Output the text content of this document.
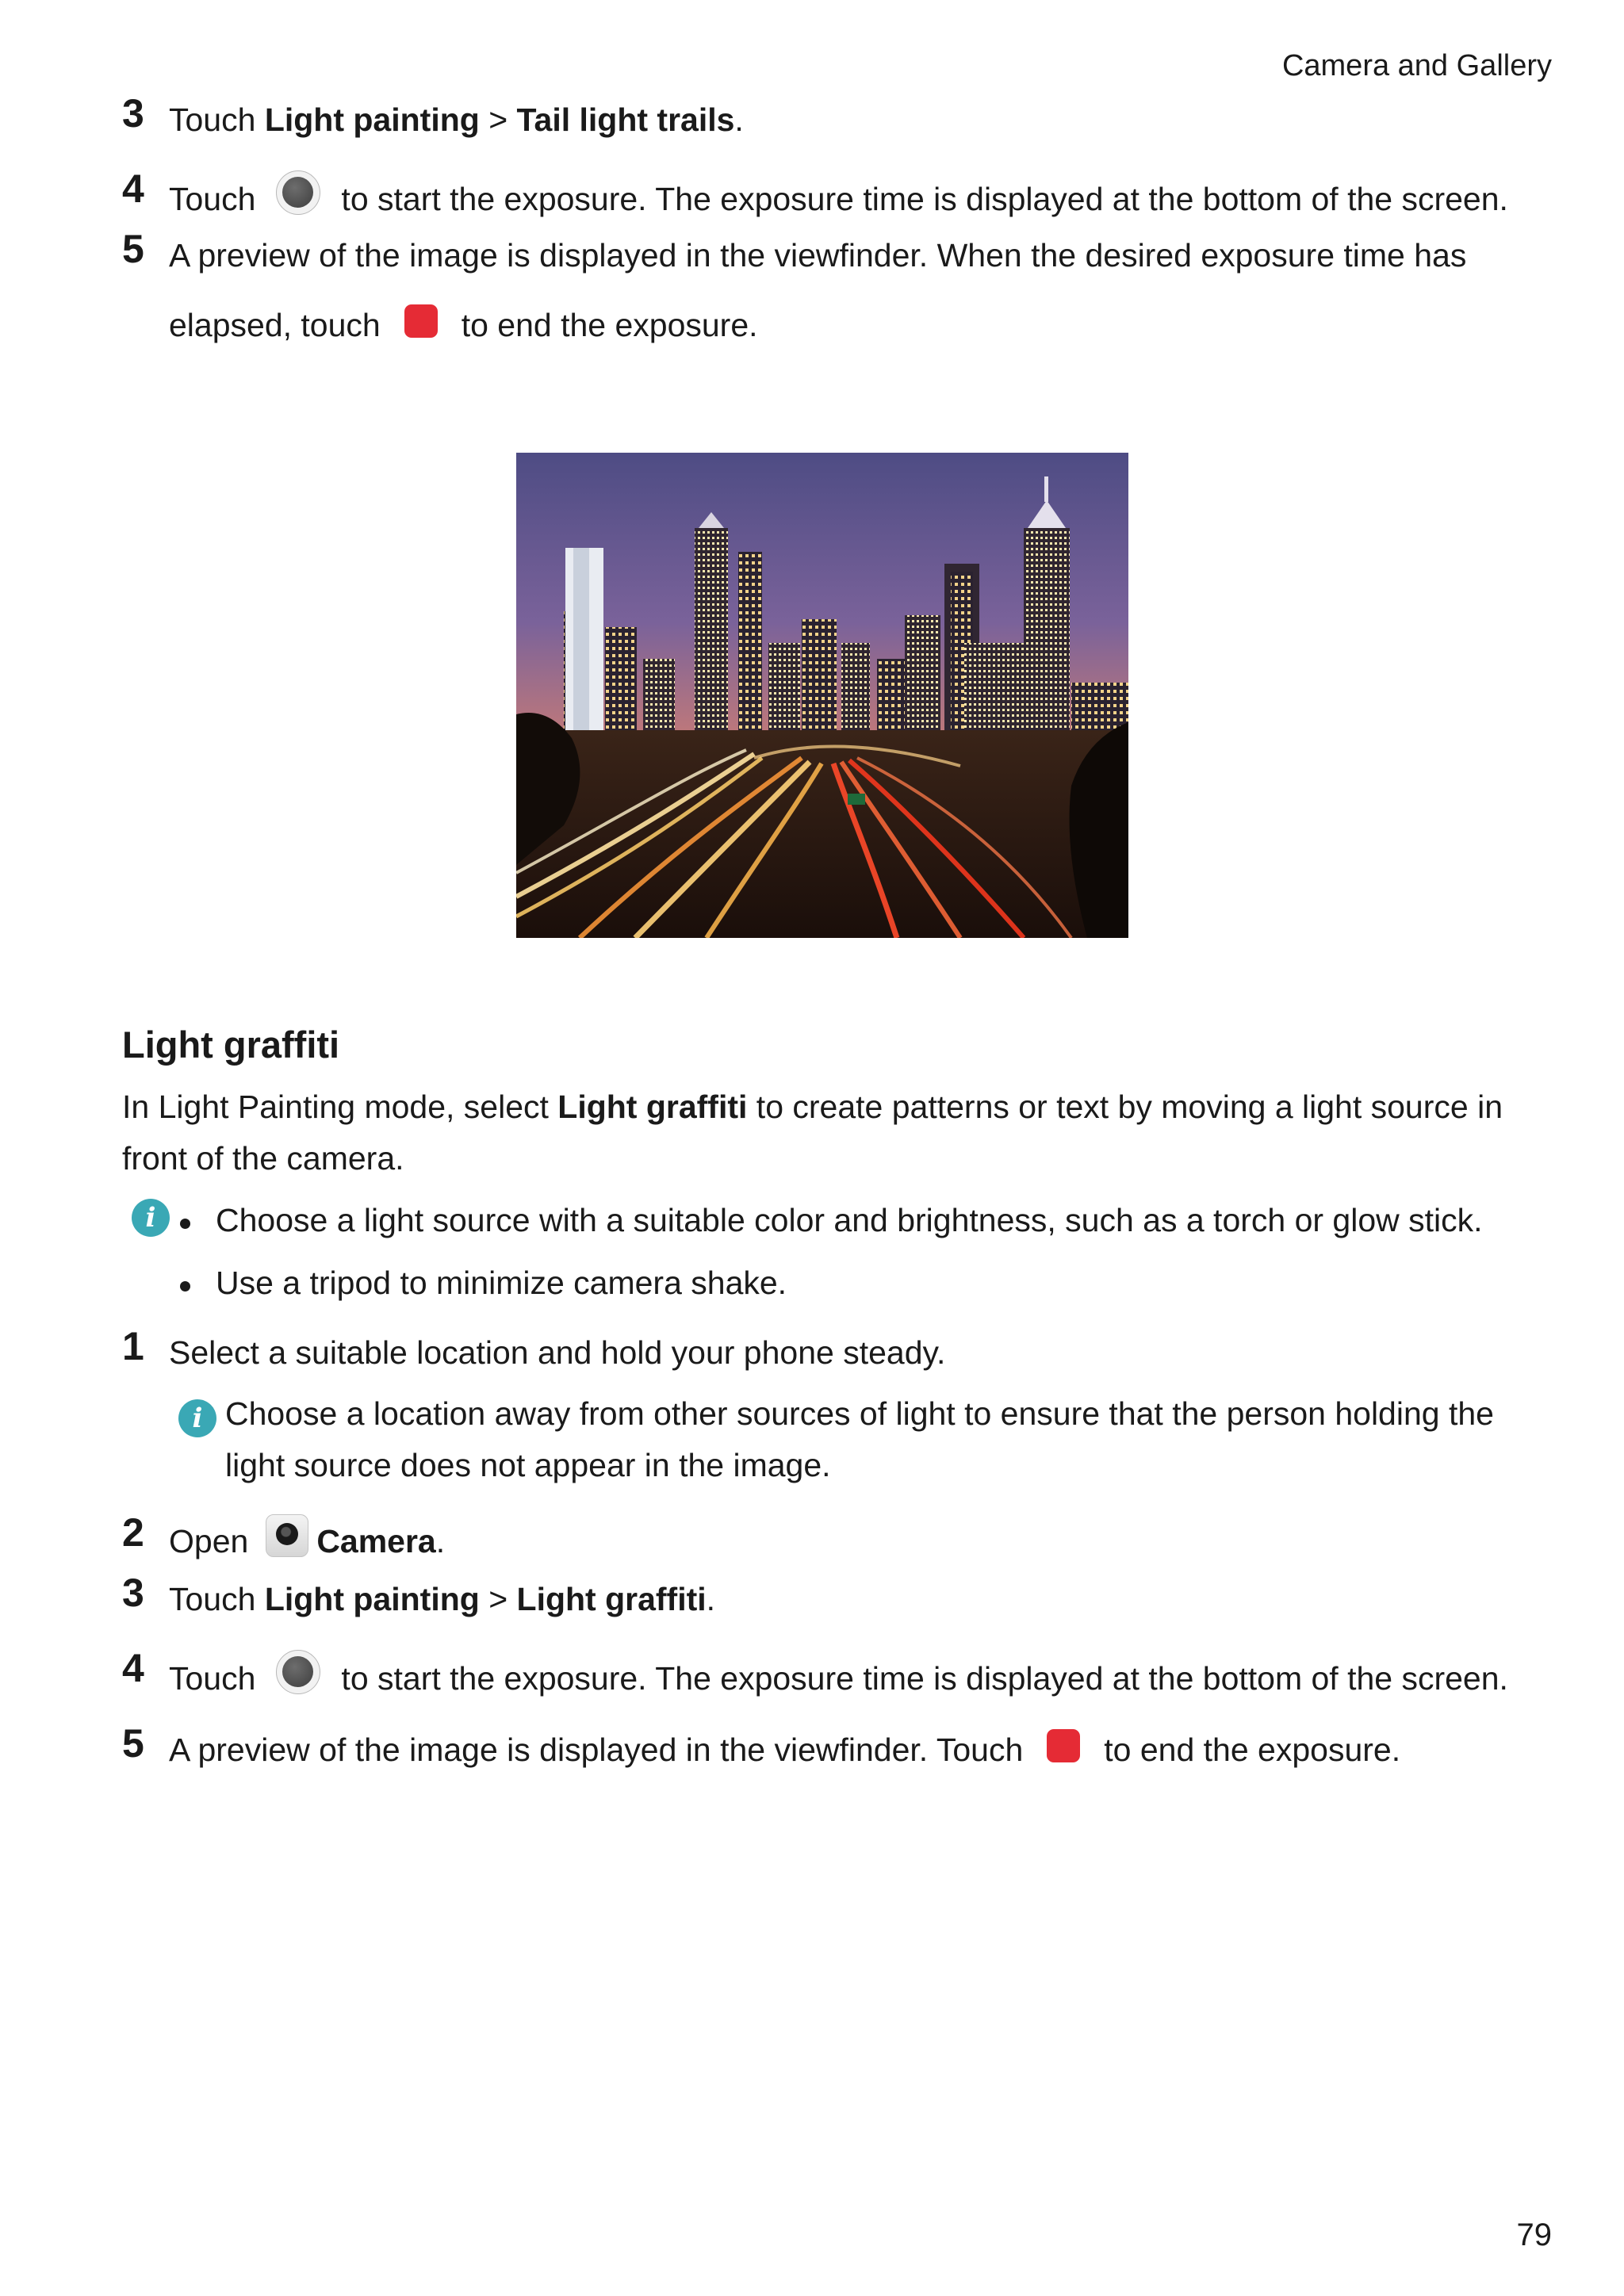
Camera and Gallery
3 Touch Light painting > Tail light trails.
4 Touch	to start the exposure. The exposure time is displayed at the bottom of the screen.
5 A preview of the image is displayed in the viewfinder. When the desired exposure time has
elapsed, touch to end the exposure.
Light graffiti
In Light Painting mode, select Light graffiti to create patterns or text by moving a light source in front of the camera.
i	Choose a light source with a suitable color and brightness, such as a torch or glow stick.
Use a tripod to minimize camera shake.
1 Select a suitable location and hold your phone steady.
i Choose a location away from other sources of light to ensure that the person holding the light source does not appear in the image.
2 Open Camera.
3 Touch Light painting > Light graffiti.
4 Touch	to start the exposure. The exposure time is displayed at the bottom of the screen.
5 A preview of the image is displayed in the viewfinder. Touch to end the exposure.
79
